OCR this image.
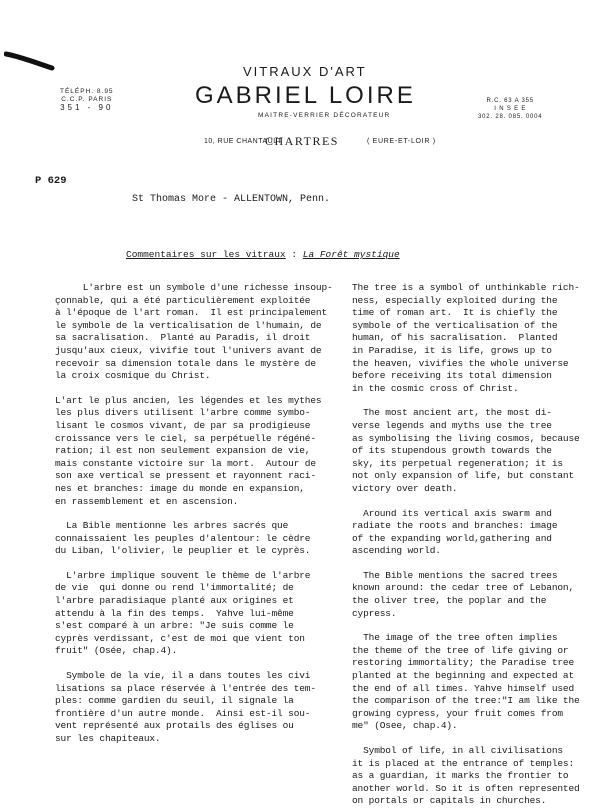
VITRAUX D'ART
GABRIEL LOIRE
MAITRE-VERRIER DÉCORATEUR
TÉLÉPH. 8.95
C.C.P. PARIS
351 - 90
R.C. 63 A 355
I N S E E
302. 28. 085. 0004
10, RUE CHANTAULT
CHARTRES	( EURE-ET-LOIR )
P 629
St Thomas More - ALLENTOWN, Penn.
Commentaires sur les vitraux : La Forêt mystique

L'arbre est un symbole d'une richesse insoup-
çonnable, qui a été particulièrement exploitée
à l'époque de l'art roman.  Il est principalement
le symbole de la verticalisation de l'humain, de
sa sacralisation.  Planté au Paradis, il droit
jusqu'aux cieux, vivifie tout l'univers avant de
recevoir sa dimension totale dans le mystère de
la croix cosmique du Christ.

L'art le plus ancien, les légendes et les mythes
les plus divers utilisent l'arbre comme symbo-
lisant le cosmos vivant, de par sa prodigieuse
croissance vers le ciel, sa perpétuelle régéné-
ration; il est non seulement expansion de vie,
mais constante victoire sur la mort.  Autour de
son axe vertical se pressent et rayonnent raci-
nes et branches: image du monde en expansion,
en rassemblement et en ascension.

La Bible mentionne les arbres sacrés que
connaissaient les peuples d'alentour: le cèdre
du Liban, l'olivier, le peuplier et le cyprès.

L'arbre implique souvent le thème de l'arbre
de vie  qui donne ou rend l'immortalité; de
l'arbre paradisiaque planté aux origines et
attendu à la fin des temps.  Yahve lui-même
s'est comparé à un arbre: "Je suis comme le
cyprès verdissant, c'est de moi que vient ton
fruit" (Osée, chap.4).

Symbole de la vie, il a dans toutes les civi
lisations sa place réservée à l'entrée des tem-
ples: comme gardien du seuil, il signale la
frontière d'un autre monde.  Ainsi est-il sou-
vent représenté aux protails des églises ou
sur les chapiteaux.

The tree is a symbol of unthinkable rich-
ness, especially exploited during the
time of roman art.  It is chiefly the
symbole of the verticalisation of the
human, of his sacralisation.  Planted
in Paradise, it is life, grows up to
the heaven, vivifies the whole universe
before receiving its total dimension
in the cosmic cross of Christ.

The most ancient art, the most di-
verse legends and myths use the tree
as symbolising the living cosmos, because
of its stupendous growth towards the
sky, its perpetual regeneration; it is
not only expansion of life, but constant
victory over death.

Around its vertical axis swarm and
radiate the roots and branches: image
of the expanding world,gathering and
ascending world.

The Bible mentions the sacred trees
known around: the cedar tree of Lebanon,
the oliver tree, the poplar and the
cypress.

The image of the tree often implies
the theme of the tree of life giving or
restoring immortality; the Paradise tree
planted at the beginning and expected at
the end of all times. Yahve himself used
the comparison of the tree:"I am like the
growing cypress, your fruit comes from
me" (Osee, chap.4).

Symbol of life, in all civilisations
it is placed at the entrance of temples:
as a guardian, it marks the frontier to
another world. So it is often represented
on portals or capitals in churches.
